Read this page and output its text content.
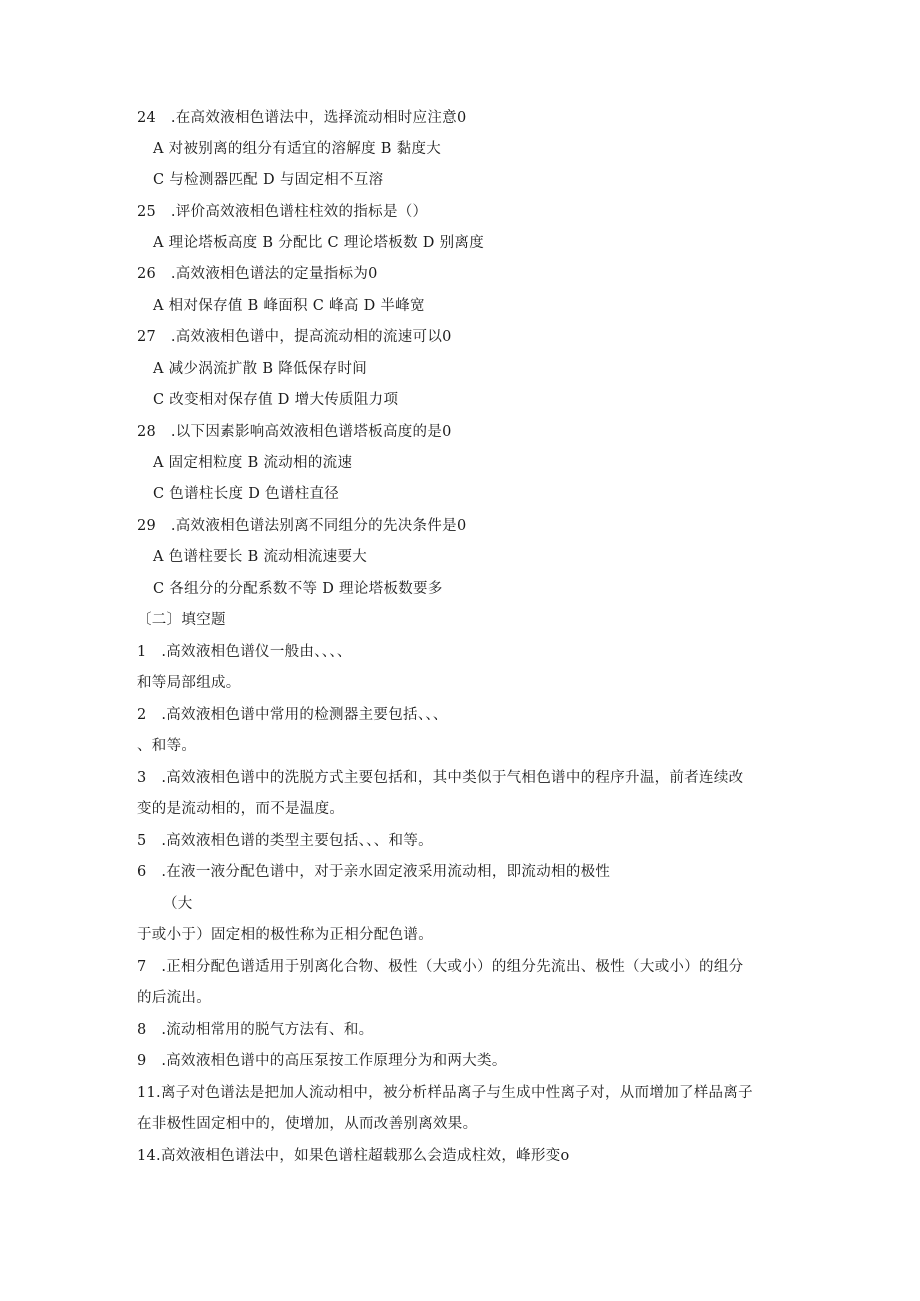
24　.在高效液相色谱法中，选择流动相时应注意0
A 对被别离的组分有适宜的溶解度 B 黏度大
C 与检测器匹配 D 与固定相不互溶
25　.评价高效液相色谱柱柱效的指标是（）
A 理论塔板高度 B 分配比 C 理论塔板数 D 别离度
26　.高效液相色谱法的定量指标为0
A 相对保存值 B 峰面积 C 峰高 D 半峰宽
27　.高效液相色谱中，提高流动相的流速可以0
A 减少涡流扩散 B 降低保存时间
C 改变相对保存值 D 增大传质阻力项
28　.以下因素影响高效液相色谱塔板高度的是0
A 固定相粒度 B 流动相的流速
C 色谱柱长度 D 色谱柱直径
29　.高效液相色谱法别离不同组分的先决条件是0
A 色谱柱要长 B 流动相流速要大
C 各组分的分配系数不等 D 理论塔板数要多
〔二〕填空题
1　.高效液相色谱仪一般由、、、、
和等局部组成。
2　.高效液相色谱中常用的检测器主要包括、、、
、和等。
3　.高效液相色谱中的洗脱方式主要包括和，其中类似于气相色谱中的程序升温，前者连续改
变的是流动相的，而不是温度。
5　.高效液相色谱的类型主要包括、、、和等。
6　.在液一液分配色谱中，对于亲水固定液采用流动相，即流动相的极性
（大
于或小于）固定相的极性称为正相分配色谱。
7　.正相分配色谱适用于别离化合物、极性（大或小）的组分先流出、极性（大或小）的组分
的后流出。
8　.流动相常用的脱气方法有、和。
9　.高效液相色谱中的高压泵按工作原理分为和两大类。
11.离子对色谱法是把加人流动相中，被分析样品离子与生成中性离子对，从而增加了样品离子
在非极性固定相中的，使增加，从而改善别离效果。
14.高效液相色谱法中，如果色谱柱超载那么会造成柱效，峰形变o
